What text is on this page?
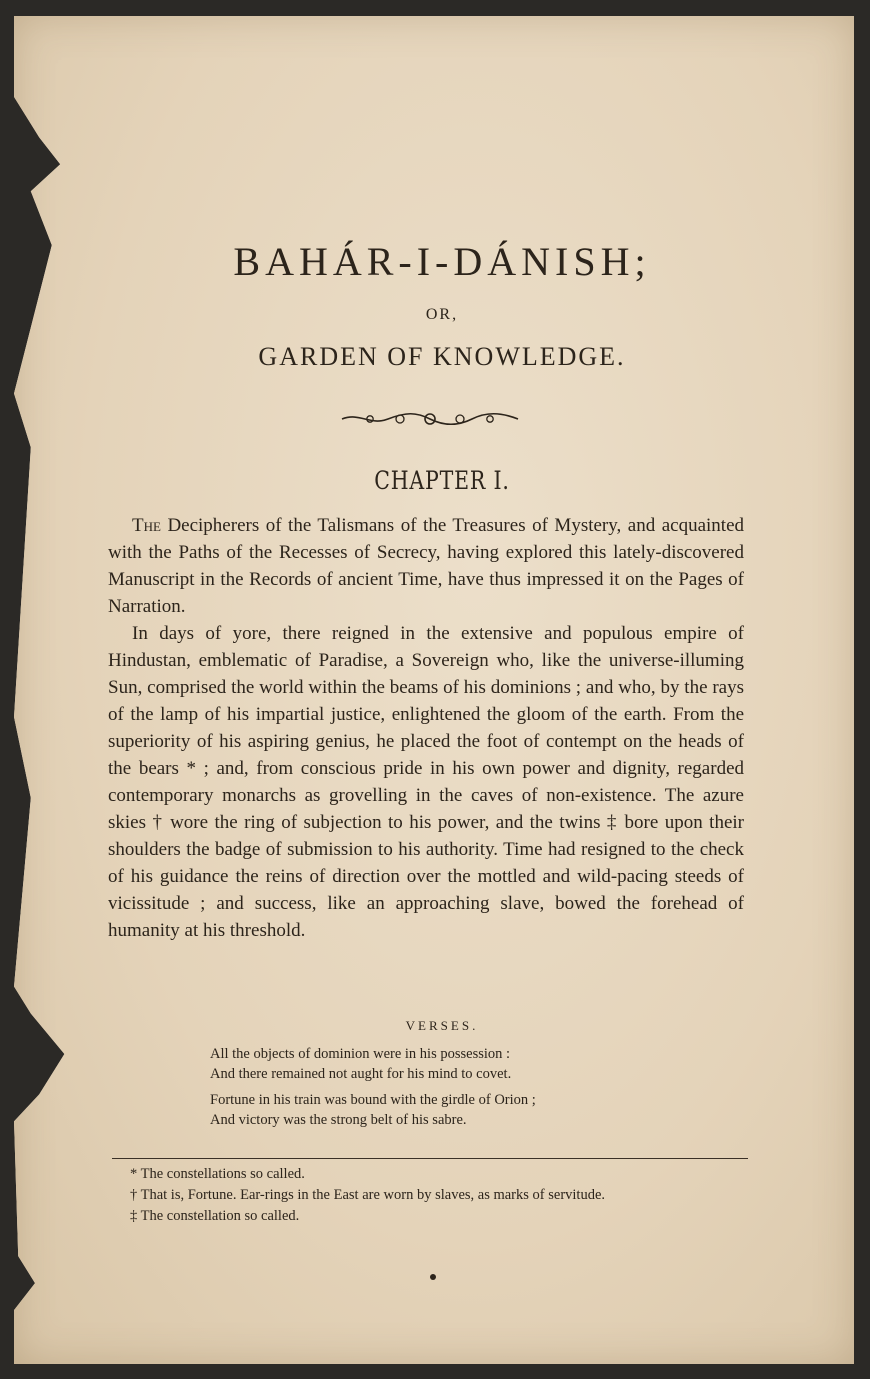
BAHÁR-I-DÁNISH;
OR,
GARDEN OF KNOWLEDGE.
CHAPTER I.

The Decipherers of the Talismans of the Treasures of Mystery, and acquainted with the Paths of the Recesses of Secrecy, having explored this lately-discovered Manuscript in the Records of ancient Time, have thus impressed it on the Pages of Narration.

In days of yore, there reigned in the extensive and populous empire of Hindustan, emblematic of Paradise, a Sovereign who, like the universe-illuming Sun, comprised the world within the beams of his dominions ; and who, by the rays of the lamp of his impartial justice, enlightened the gloom of the earth. From the superiority of his aspiring genius, he placed the foot of contempt on the heads of the bears * ; and, from conscious pride in his own power and dignity, regarded contemporary monarchs as grovelling in the caves of non-existence. The azure skies † wore the ring of subjection to his power, and the twins ‡ bore upon their shoulders the badge of submission to his authority. Time had resigned to the check of his guidance the reins of direction over the mottled and wild-pacing steeds of vicissitude ; and success, like an approaching slave, bowed the forehead of humanity at his threshold.

VERSES.

All the objects of dominion were in his possession :

And there remained not aught for his mind to covet.

Fortune in his train was bound with the girdle of Orion ;

And victory was the strong belt of his sabre.

* The constellations so called.

† That is, Fortune. Ear-rings in the East are worn by slaves, as marks of servitude.

‡ The constellation so called.
